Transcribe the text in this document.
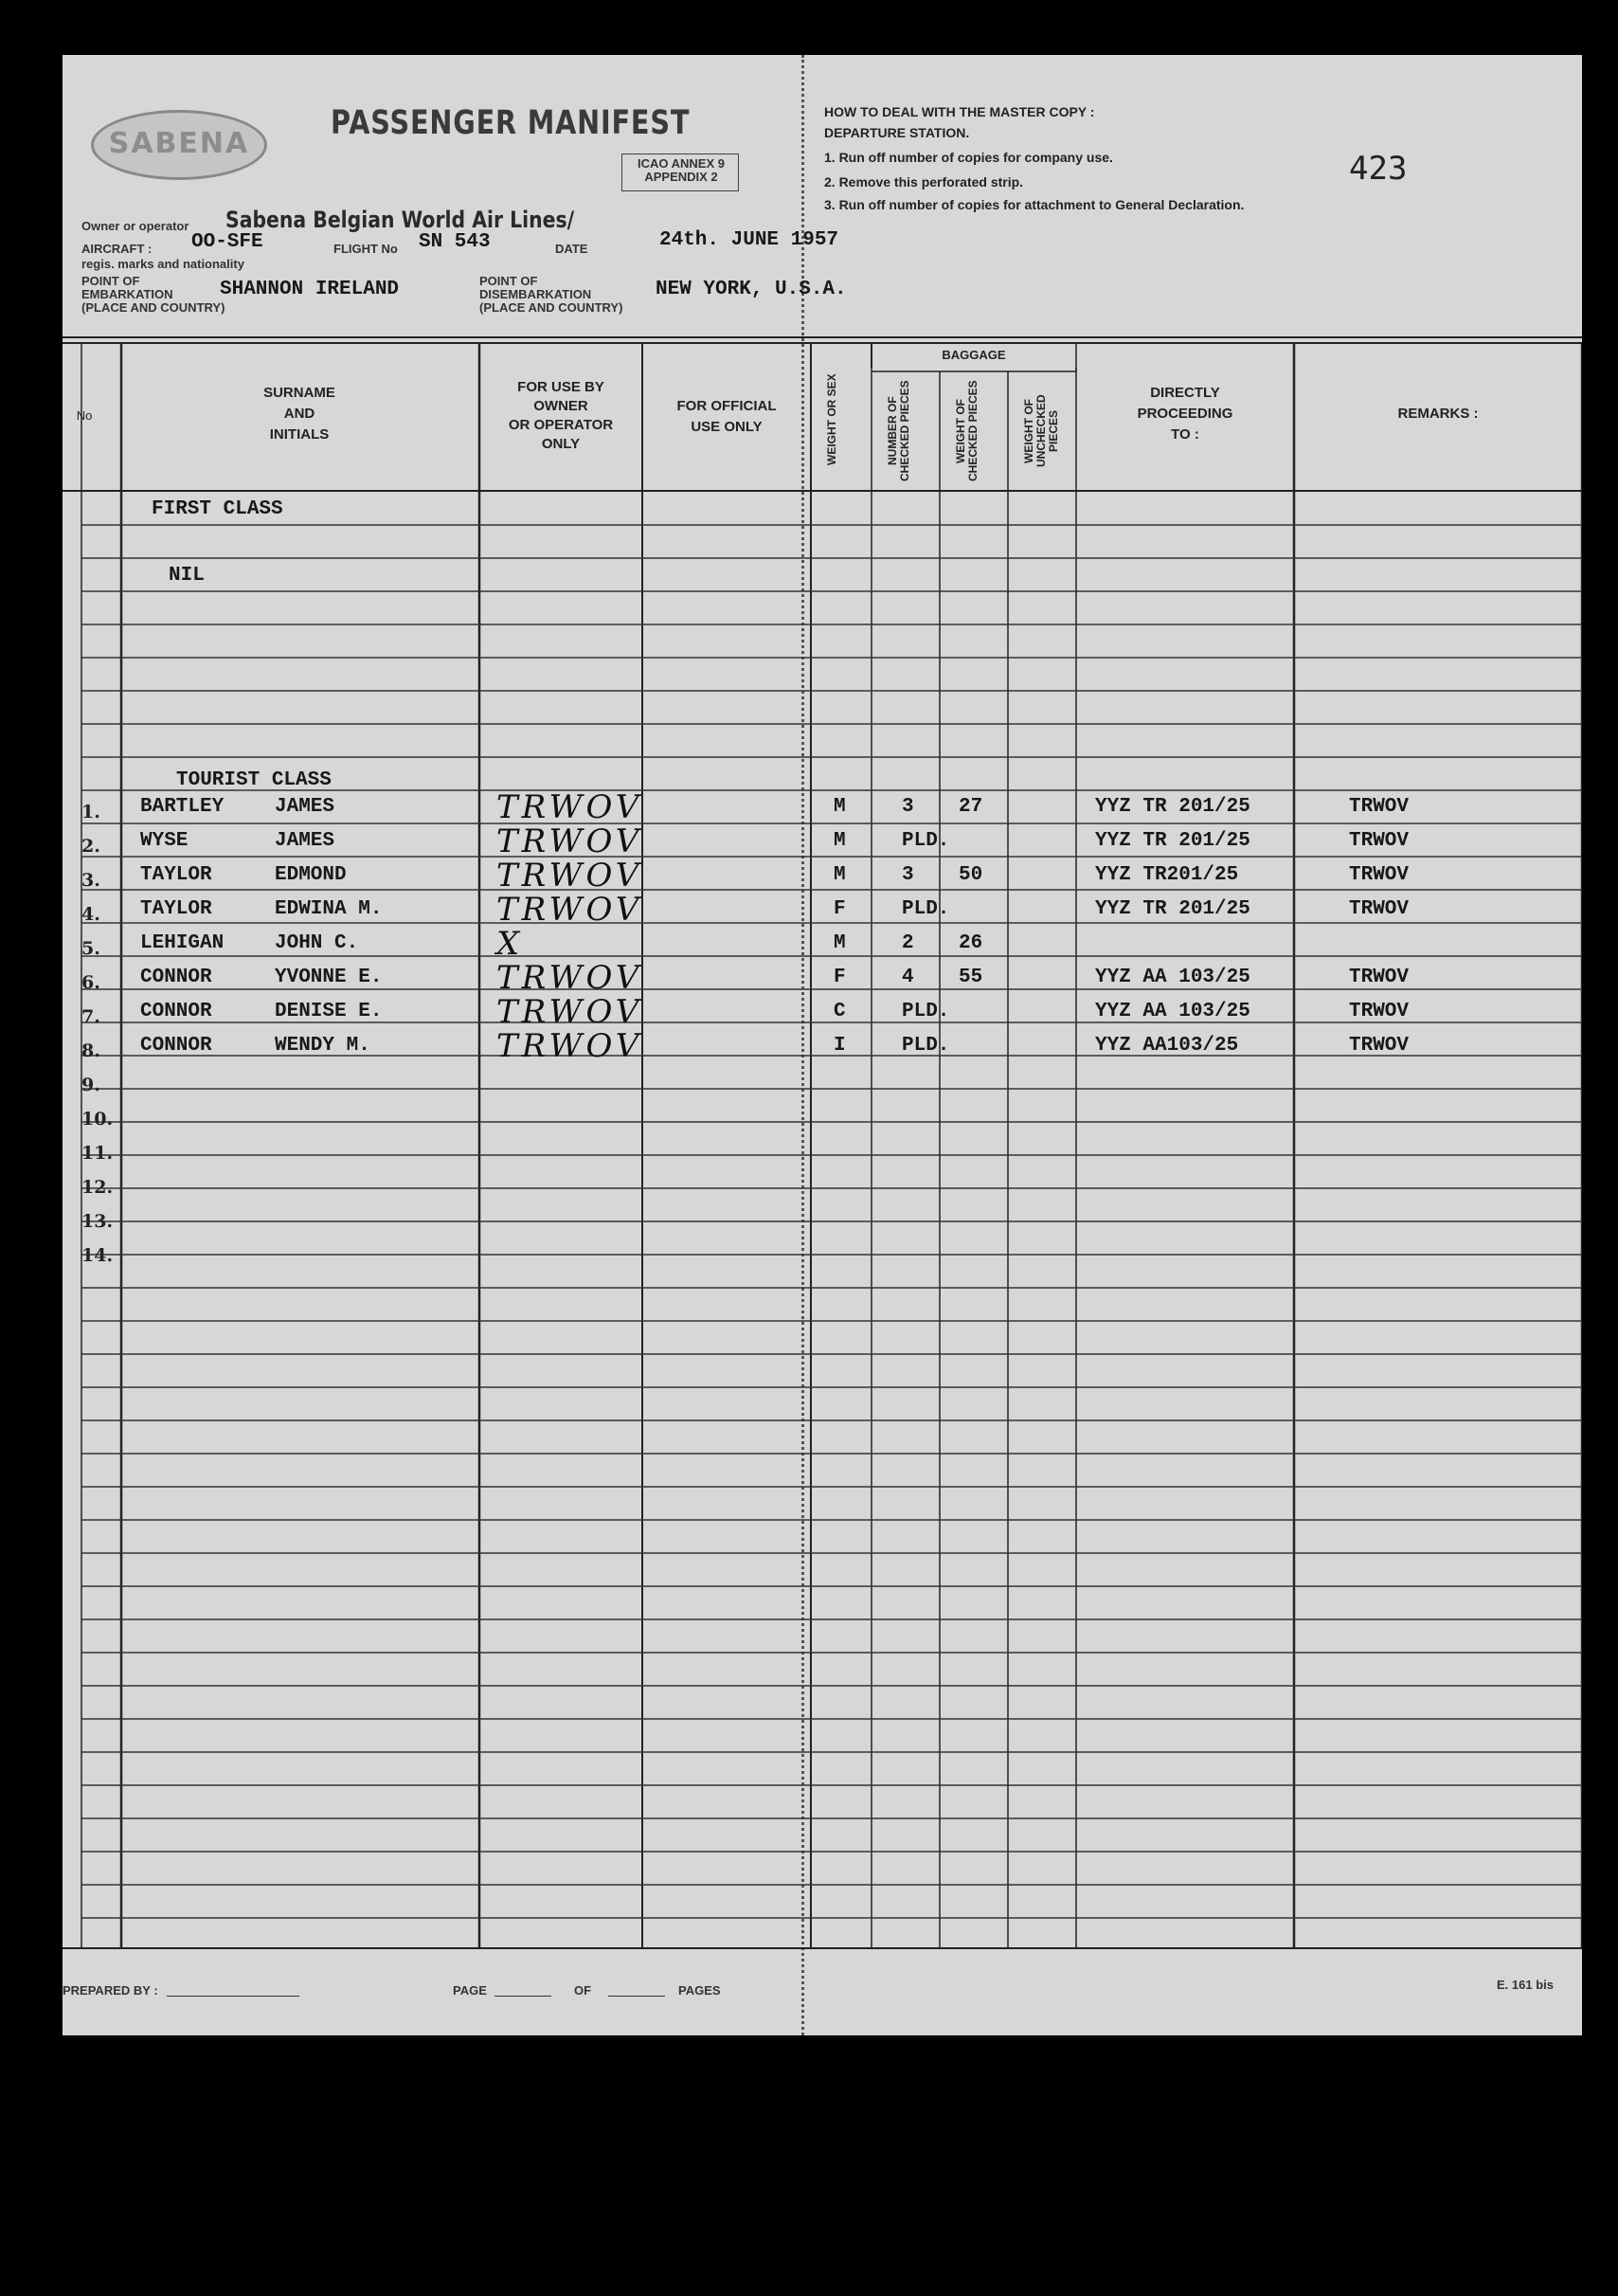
SABENA
PASSENGER MANIFEST
ICAO ANNEX 9
APPENDIX 2
HOW TO DEAL WITH THE MASTER COPY :
DEPARTURE STATION.
1. Run off number of copies for company use.
2. Remove this perforated strip.
3. Run off number of copies for attachment to General Declaration.
423
Owner or operator Sabena Belgian World Air Lines/
AIRCRAFT : OO-SFE	FLIGHT No SN 543	DATE	24th. JUNE 1957
regis. marks and nationality
POINT OF
EMBARKATION
(PLACE AND COUNTRY)
SHANNON IRELAND	POINT OF
DISEMBARKATION
(PLACE AND COUNTRY)
NEW YORK, U.S.A.
No
SURNAME
AND
INITIALS
FOR USE BY
OWNER
OR OPERATOR
ONLY
FOR OFFICIAL
USE ONLY	WEIGHT OR SEX
BAGGAGE
NUMBER OF CHECKED PIECES	WEIGHT OF CHECKED PIECES	WEIGHT OF UNCHECKED PIECES
DIRECTLY
PROCEEDING
TO :
REMARKS :
FIRST CLASS
NIL
TOURIST CLASS
1. BARTLEY	JAMES	TRWOV	M	3 27	YYZ TR 201/25	TRWOV
2. WYSE	JAMES	TRWOV	M	PLD.	YYZ TR 201/25	TRWOV
3. TAYLOR	EDMOND	TRWOV	M	3 50	YYZ TR201/25	TRWOV
4. TAYLOR	EDWINA M.	TRWOV	F	PLD.	YYZ TR 201/25	TRWOV
5. LEHIGAN	JOHN C.	X	M	2 26
6. CONNOR	YVONNE E.	TRWOV	F	4 55	YYZ AA 103/25	TRWOV
7. CONNOR	DENISE E.	TRWOV	C	PLD.	YYZ AA 103/25	TRWOV
8. CONNOR	WENDY M.	TRWOV	I	PLD.	YYZ AA103/25	TRWOV
9.
10.
11.
12.
13.
14.
PREPARED BY :	PAGE	OF	PAGES	E. 161 bis
